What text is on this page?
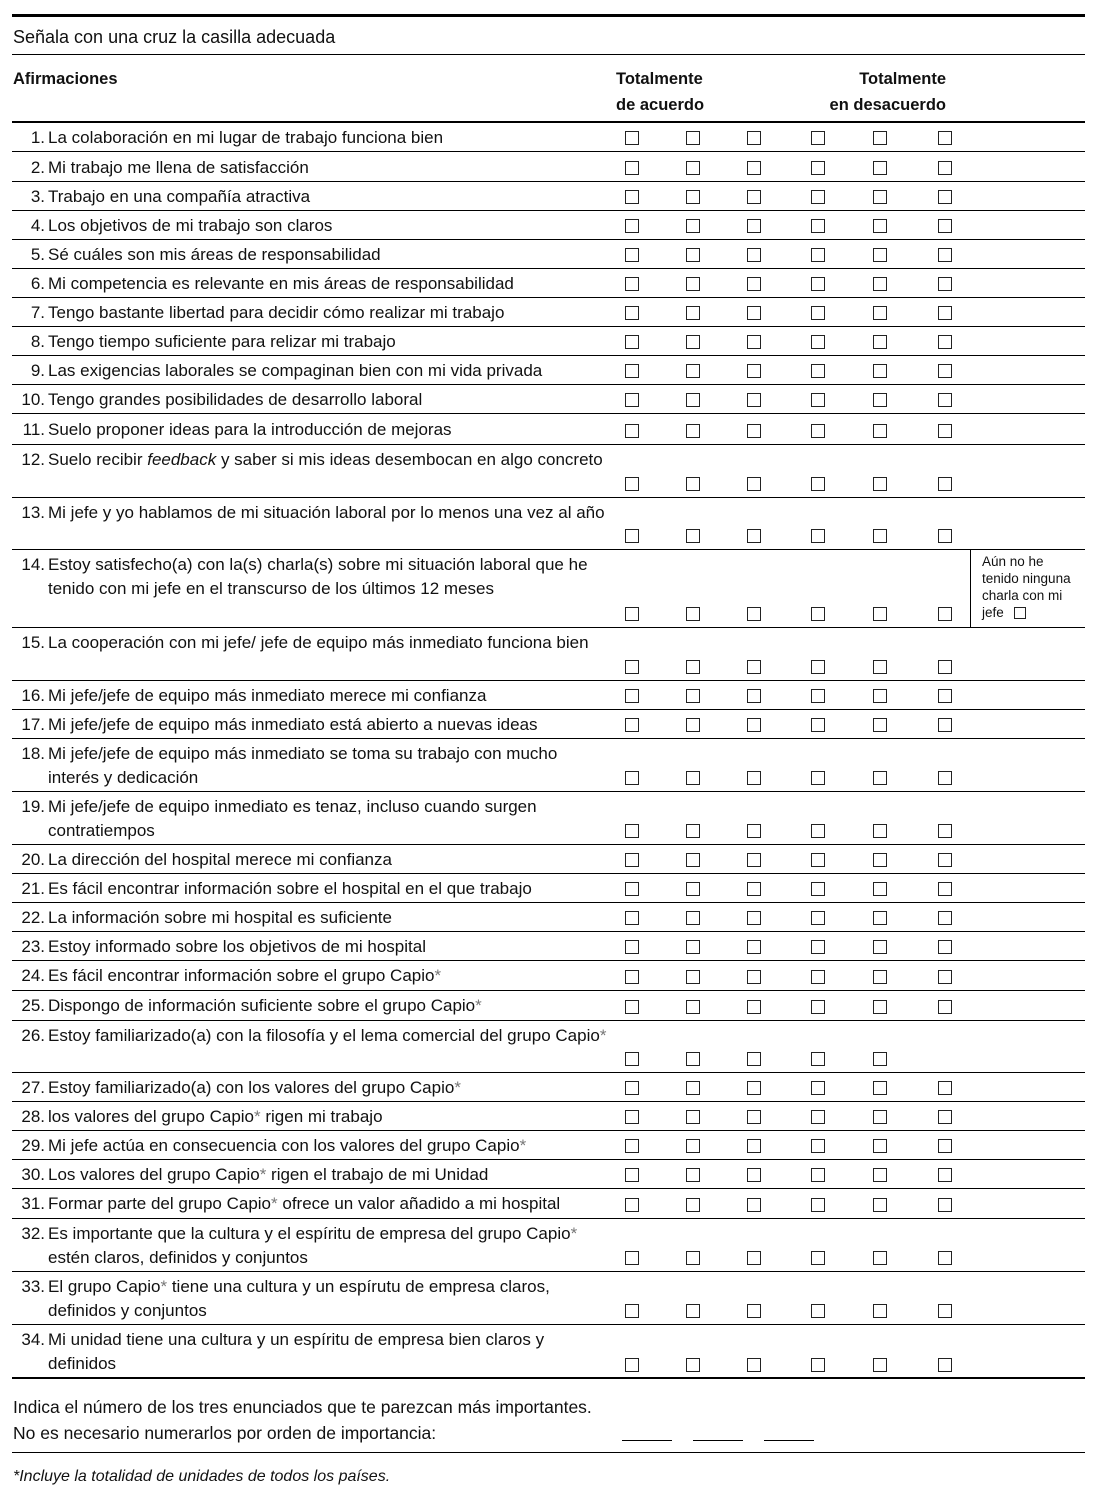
Señala con una cruz la casilla adecuada
Afirmaciones	Totalmente
de acuerdo
Totalmente
en desacuerdo
1. La colaboración en mi lugar de trabajo funciona bien
2. Mi trabajo me llena de satisfacción
3. Trabajo en una compañía atractiva
4. Los objetivos de mi trabajo son claros
5. Sé cuáles son mis áreas de responsabilidad
6. Mi competencia es relevante en mis áreas de responsabilidad
7. Tengo bastante libertad para decidir cómo realizar mi trabajo
8. Tengo tiempo suficiente para relizar mi trabajo
9. Las exigencias laborales se compaginan bien con mi vida privada
10. Tengo grandes posibilidades de desarrollo laboral
11. Suelo proponer ideas para la introducción de mejoras
12. Suelo recibir feedback y saber si mis ideas desembocan en algo concreto
13. Mi jefe y yo hablamos de mi situación laboral por lo menos una vez al año
14. Estoy satisfecho(a) con la(s) charla(s) sobre mi situación laboral que he tenido con mi jefe en el transcurso de los últimos 12 meses
Aún no he tenido ninguna charla con mi jefe
15. La cooperación con mi jefe/ jefe de equipo más inmediato funciona bien
16. Mi jefe/jefe de equipo más inmediato merece mi confianza
17. Mi jefe/jefe de equipo más inmediato está abierto a nuevas ideas
18. Mi jefe/jefe de equipo más inmediato se toma su trabajo con mucho interés y dedicación
19. Mi jefe/jefe de equipo inmediato es tenaz, incluso cuando surgen contratiempos
20. La dirección del hospital merece mi confianza
21. Es fácil encontrar información sobre el hospital en el que trabajo
22. La información sobre mi hospital es suficiente
23. Estoy informado sobre los objetivos de mi hospital
24. Es fácil encontrar información sobre el grupo Capio*
25. Dispongo de información suficiente sobre el grupo Capio*
26. Estoy familiarizado(a) con la filosofía y el lema comercial del grupo Capio*
27. Estoy familiarizado(a) con los valores del grupo Capio*
28. los valores del grupo Capio* rigen mi trabajo
29. Mi jefe actúa en consecuencia con los valores del grupo Capio*
30. Los valores del grupo Capio* rigen el trabajo de mi Unidad
31. Formar parte del grupo Capio* ofrece un valor añadido a mi hospital
32. Es importante que la cultura y el espíritu de empresa del grupo Capio* estén claros, definidos y conjuntos
33. El grupo Capio* tiene una cultura y un espírutu de empresa claros, definidos y conjuntos
34. Mi unidad tiene una cultura y un espíritu de empresa bien claros y definidos
Indica el número de los tres enunciados que te parezcan más importantes.
No es necesario numerarlos por orden de importancia:
*Incluye la totalidad de unidades de todos los países.
